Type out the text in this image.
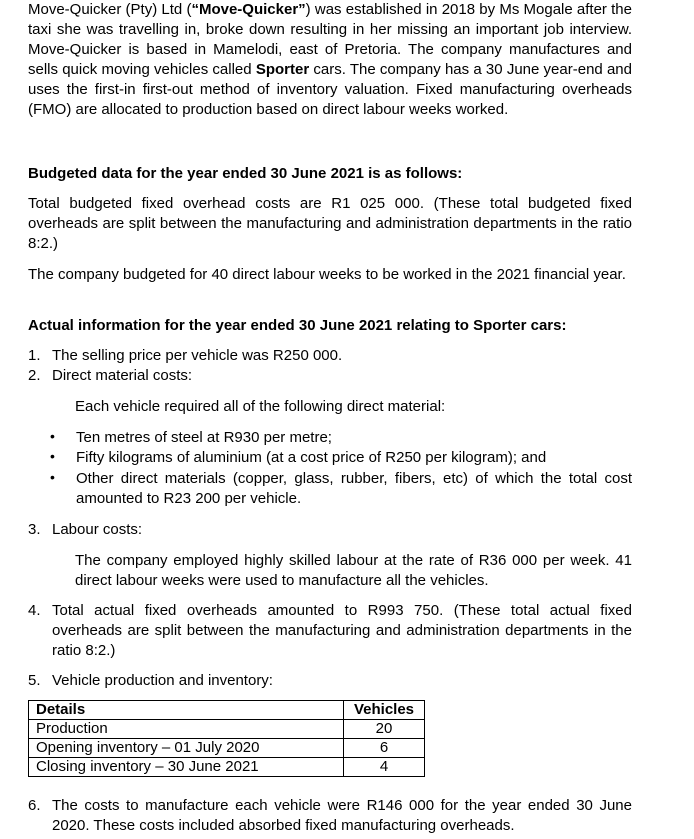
Move-Quicker (Pty) Ltd (“Move-Quicker”) was established in 2018 by Ms Mogale after the taxi she was travelling in, broke down resulting in her missing an important job interview. Move-Quicker is based in Mamelodi, east of Pretoria. The company manufactures and sells quick moving vehicles called Sporter cars. The company has a 30 June year-end and uses the first-in first-out method of inventory valuation. Fixed manufacturing overheads (FMO) are allocated to production based on direct labour weeks worked.

Budgeted data for the year ended 30 June 2021 is as follows:

Total budgeted fixed overhead costs are R1 025 000. (These total budgeted fixed overheads are split between the manufacturing and administration departments in the ratio 8:2.)

The company budgeted for 40 direct labour weeks to be worked in the 2021 financial year.

Actual information for the year ended 30 June 2021 relating to Sporter cars:

1. The selling price per vehicle was R250 000.

2. Direct material costs:

Each vehicle required all of the following direct material:

• Ten metres of steel at R930 per metre;

• Fifty kilograms of aluminium (at a cost price of R250 per kilogram); and

• Other direct materials (copper, glass, rubber, fibers, etc) of which the total cost amounted to R23 200 per vehicle.

3. Labour costs:

The company employed highly skilled labour at the rate of R36 000 per week. 41 direct labour weeks were used to manufacture all the vehicles.

4. Total actual fixed overheads amounted to R993 750. (These total actual fixed overheads are split between the manufacturing and administration departments in the ratio 8:2.)

5. Vehicle production and inventory:

Details	Vehicles
Production	20
Opening inventory – 01 July 2020	6
Closing inventory – 30 June 2021	4

6. The costs to manufacture each vehicle were R146 000 for the year ended 30 June 2020. These costs included absorbed fixed manufacturing overheads.
